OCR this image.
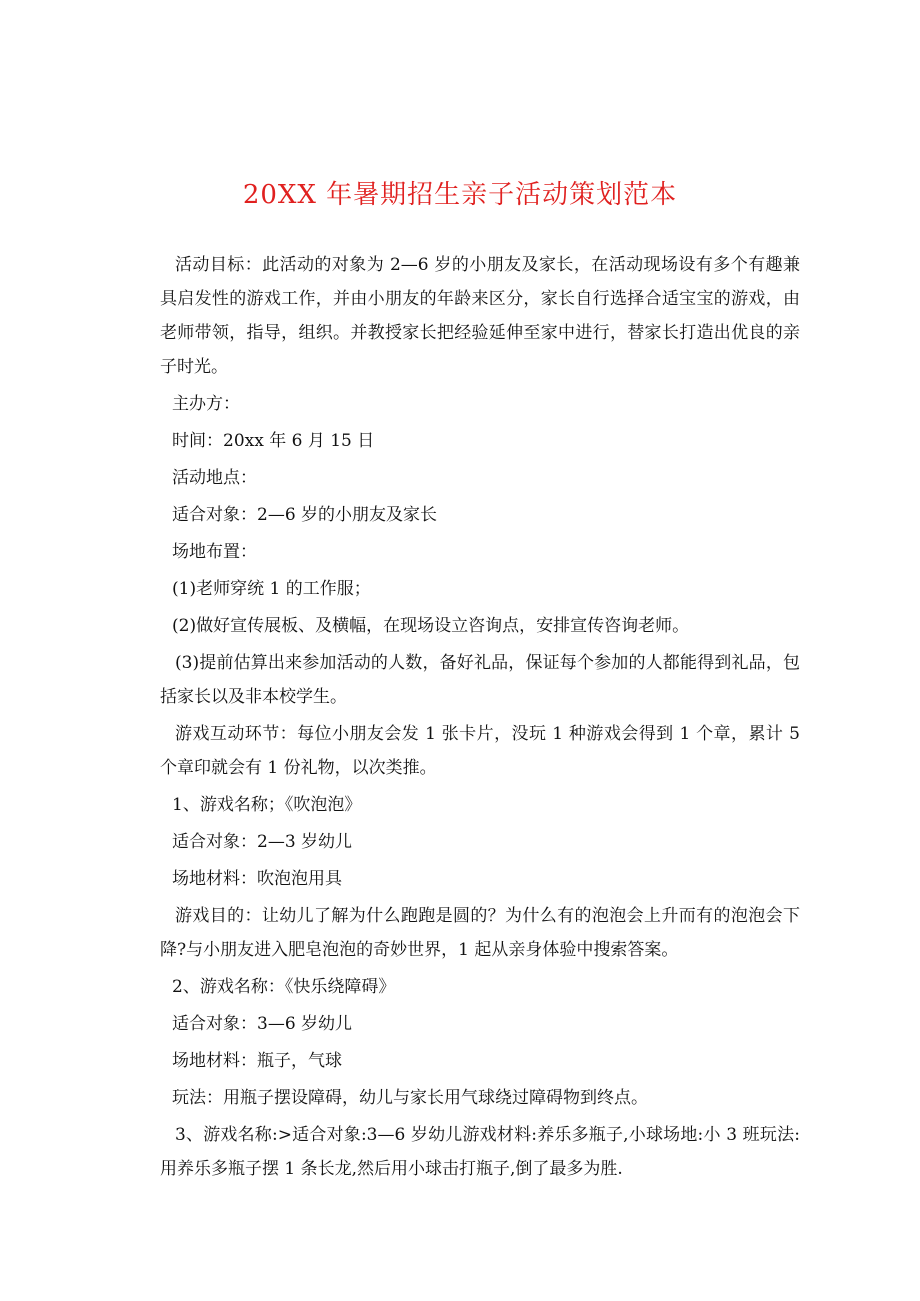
20XX 年暑期招生亲子活动策划范本

活动目标：此活动的对象为 2—6 岁的小朋友及家长，在活动现场设有多个有趣兼具启发性的游戏工作，并由小朋友的年龄来区分，家长自行选择合适宝宝的游戏，由老师带领，指导，组织。并教授家长把经验延伸至家中进行，替家长打造出优良的亲子时光。

主办方：

时间：20xx 年 6 月 15 日

活动地点：

适合对象：2—6 岁的小朋友及家长

场地布置：

(1)老师穿统 1 的工作服；

(2)做好宣传展板、及横幅，在现场设立咨询点，安排宣传咨询老师。

(3)提前估算出来参加活动的人数，备好礼品，保证每个参加的人都能得到礼品，包括家长以及非本校学生。

游戏互动环节：每位小朋友会发 1 张卡片，没玩 1 种游戏会得到 1 个章，累计 5 个章印就会有 1 份礼物，以次类推。

1、游戏名称；《吹泡泡》

适合对象：2—3 岁幼儿

场地材料：吹泡泡用具

游戏目的：让幼儿了解为什么跑跑是圆的？为什么有的泡泡会上升而有的泡泡会下降?与小朋友进入肥皂泡泡的奇妙世界，1 起从亲身体验中搜索答案。

2、游戏名称：《快乐绕障碍》

适合对象：3—6 岁幼儿

场地材料：瓶子，气球

玩法：用瓶子摆设障碍，幼儿与家长用气球绕过障碍物到终点。

3、游戏名称:>适合对象:3—6 岁幼儿游戏材料:养乐多瓶子,小球场地:小 3 班玩法:用养乐多瓶子摆 1 条长龙,然后用小球击打瓶子,倒了最多为胜.
